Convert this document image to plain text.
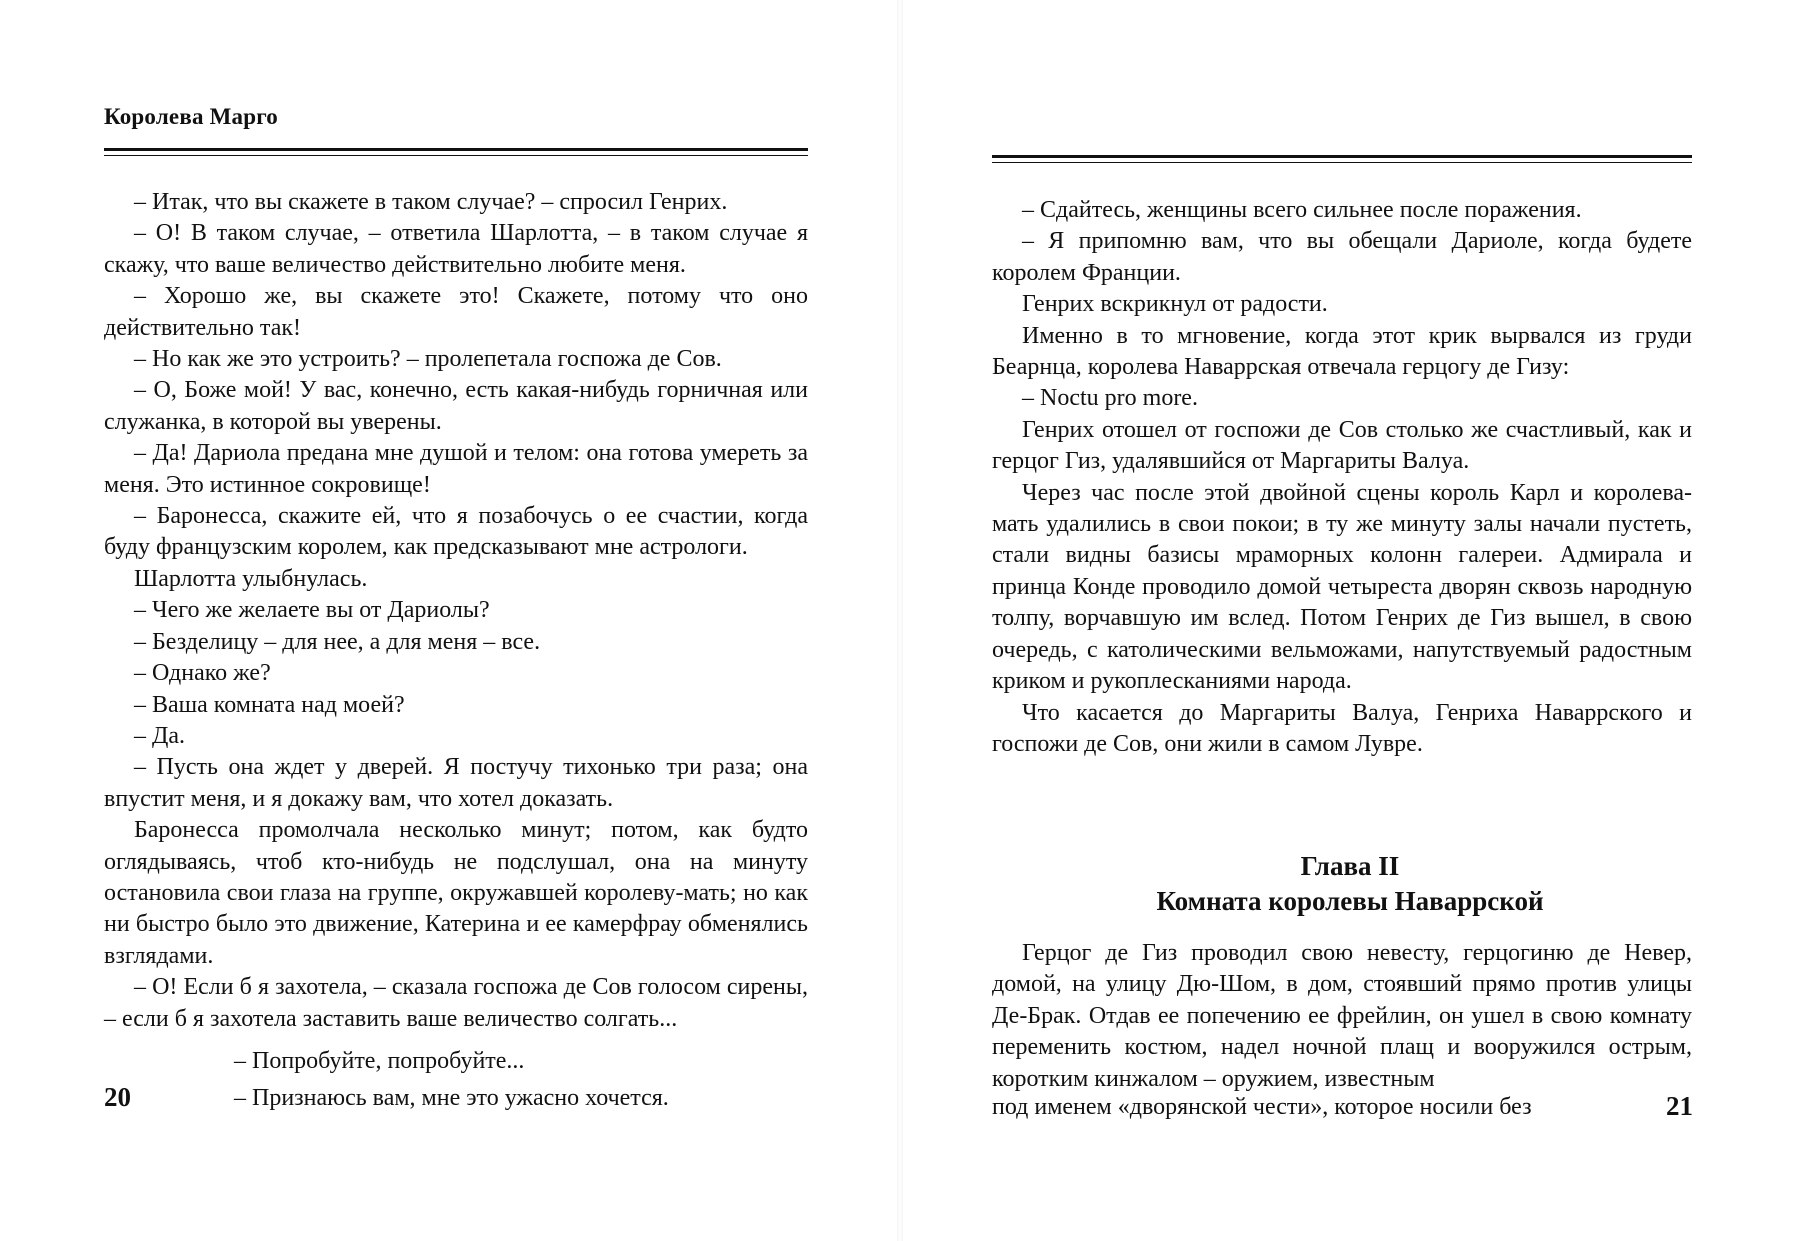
Королева Марго

– Итак, что вы скажете в таком случае? – спросил Генрих.

– О! В таком случае, – ответила Шарлотта, – в таком случае я скажу, что ваше величество действительно любите меня.

– Хорошо же, вы скажете это! Скажете, потому что оно действительно так!

– Но как же это устроить? – пролепетала госпожа де Сов.

– О, Боже мой! У вас, конечно, есть какая-нибудь горничная или служанка, в которой вы уверены.

– Да! Дариола предана мне душой и телом: она готова умереть за меня. Это истинное сокровище!

– Баронесса, скажите ей, что я позабочусь о ее счастии, когда буду французским королем, как предсказывают мне астрологи.

Шарлотта улыбнулась.

– Чего же желаете вы от Дариолы?

– Безделицу – для нее, а для меня – все.

– Однако же?

– Ваша комната над моей?

– Да.

– Пусть она ждет у дверей. Я постучу тихонько три раза; она впустит меня, и я докажу вам, что хотел доказать.

Баронесса промолчала несколько минут; потом, как будто оглядываясь, чтоб кто-нибудь не подслушал, она на минуту остановила свои глаза на группе, окружавшей королеву-мать; но как ни быстро было это движение, Катерина и ее камерфрау обменялись взглядами.

– О! Если б я захотела, – сказала госпожа де Сов голосом сирены, – если б я захотела заставить ваше величество солгать...

– Попробуйте, попробуйте...
– Признаюсь вам, мне это ужасно хочется.
20

– Сдайтесь, женщины всего сильнее после поражения.

– Я припомню вам, что вы обещали Дариоле, когда будете королем Франции.

Генрих вскрикнул от радости.

Именно в то мгновение, когда этот крик вырвался из груди Беарнца, королева Наваррская отвечала герцогу де Гизу:

– Noctu pro more.

Генрих отошел от госпожи де Сов столько же счастливый, как и герцог Гиз, удалявшийся от Маргариты Валуа.

Через час после этой двойной сцены король Карл и королева-мать удалились в свои покои; в ту же минуту залы начали пустеть, стали видны базисы мраморных колонн галереи. Адмирала и принца Конде проводило домой четыреста дворян сквозь народную толпу, ворчавшую им вслед. Потом Генрих де Гиз вышел, в свою очередь, с католическими вельможами, напутствуемый радостным криком и рукоплесканиями народа.

Что касается до Маргариты Валуа, Генриха Наваррского и госпожи де Сов, они жили в самом Лувре.

Глава II
Комната королевы Наваррской

Герцог де Гиз проводил свою невесту, герцогиню де Невер, домой, на улицу Дю-Шом, в дом, стоявший прямо против улицы Де-Брак. Отдав ее попечению ее фрейлин, он ушел в свою комнату переменить костюм, надел ночной плащ и вооружился острым, коротким кинжалом – оружием, известным

под именем «дворянской чести», которое носили без	21
